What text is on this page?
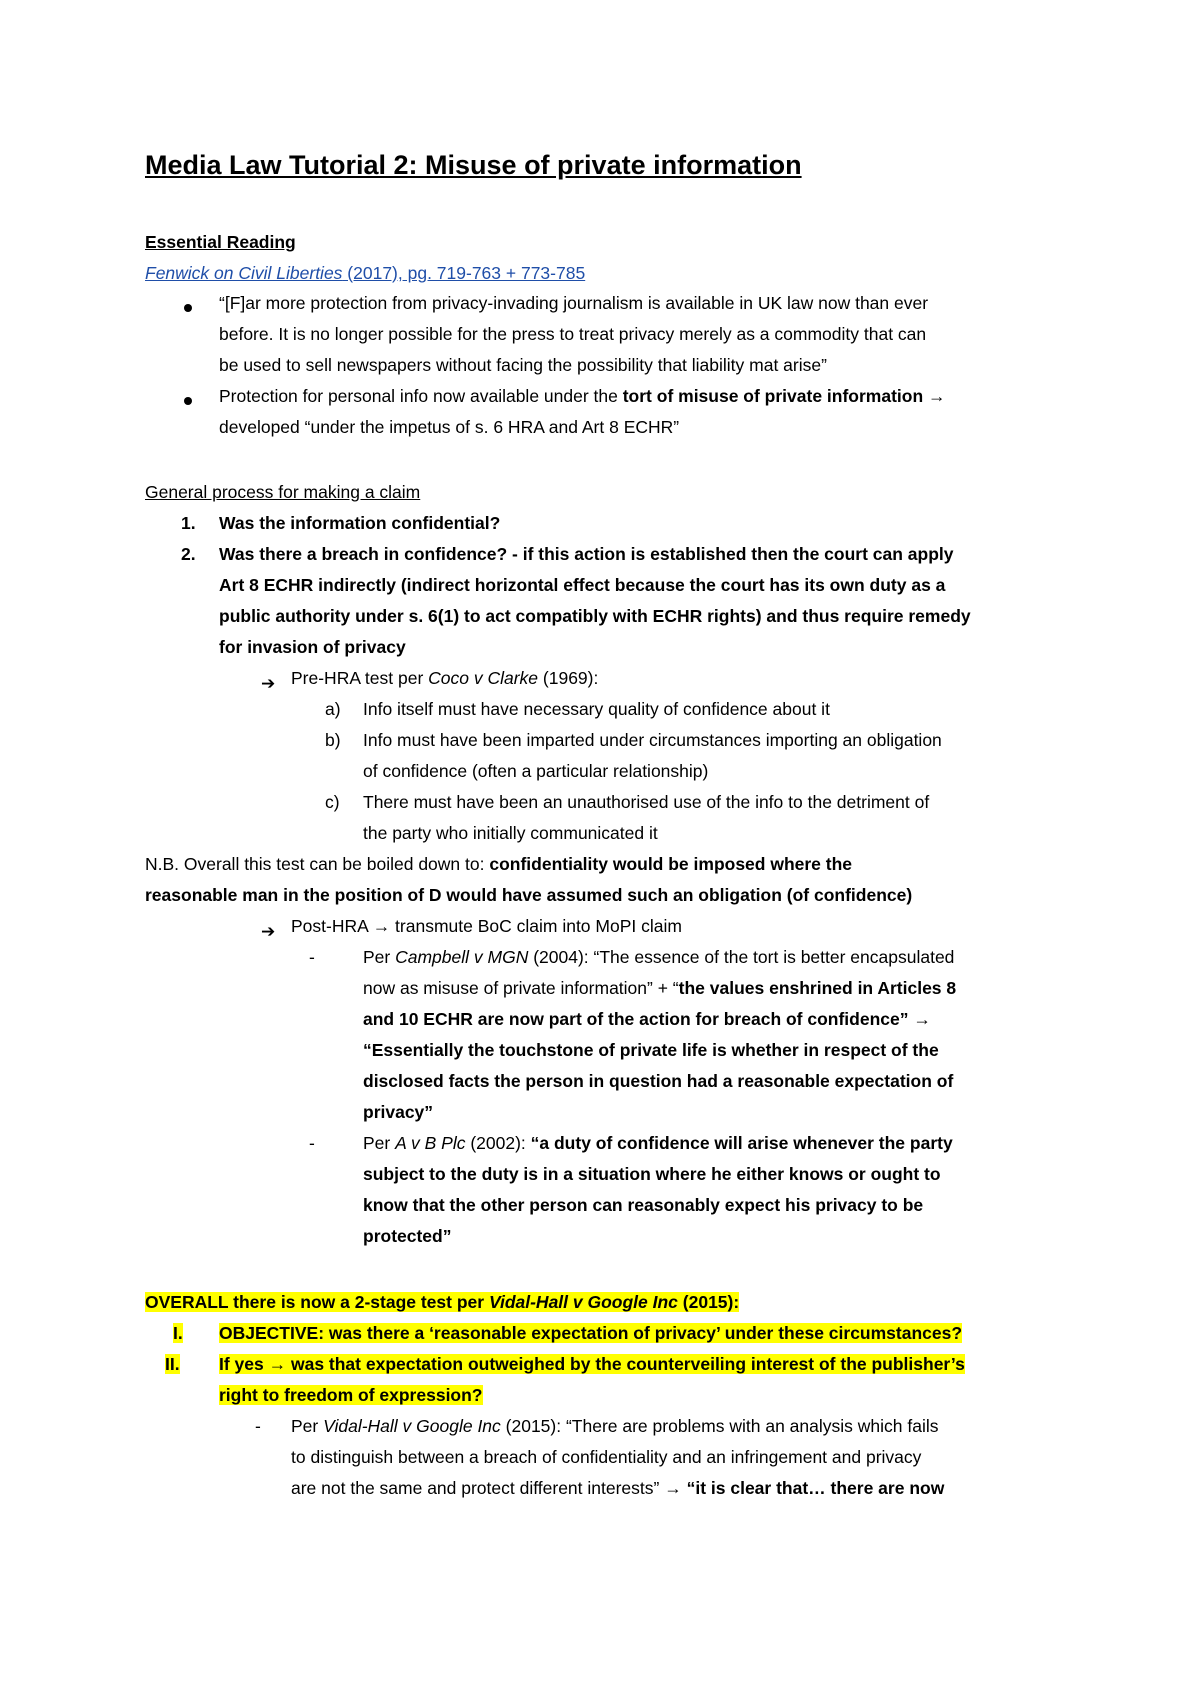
Media Law Tutorial 2: Misuse of private information
Essential Reading
Fenwick on Civil Liberties (2017), pg. 719-763 + 773-785
“[F]ar more protection from privacy-invading journalism is available in UK law now than ever
before. It is no longer possible for the press to treat privacy merely as a commodity that can
be used to sell newspapers without facing the possibility that liability mat arise”
Protection for personal info now available under the tort of misuse of private information →
developed “under the impetus of s. 6 HRA and Art 8 ECHR”
General process for making a claim
1. Was the information confidential?
2. Was there a breach in confidence? - if this action is established then the court can apply
Art 8 ECHR indirectly (indirect horizontal effect because the court has its own duty as a
public authority under s. 6(1) to act compatibly with ECHR rights) and thus require remedy
for invasion of privacy
➔ Pre-HRA test per Coco v Clarke (1969):
a) Info itself must have necessary quality of confidence about it
b) Info must have been imparted under circumstances importing an obligation
of confidence (often a particular relationship)
c) There must have been an unauthorised use of the info to the detriment of
the party who initially communicated it
N.B. Overall this test can be boiled down to: confidentiality would be imposed where the
reasonable man in the position of D would have assumed such an obligation (of confidence)
➔ Post-HRA → transmute BoC claim into MoPI claim
-	Per Campbell v MGN (2004): “The essence of the tort is better encapsulated
now as misuse of private information” + “the values enshrined in Articles 8
and 10 ECHR are now part of the action for breach of confidence” →
“Essentially the touchstone of private life is whether in respect of the
disclosed facts the person in question had a reasonable expectation of
privacy”
-	Per A v B Plc (2002): “a duty of confidence will arise whenever the party
subject to the duty is in a situation where he either knows or ought to
know that the other person can reasonably expect his privacy to be
protected”
OVERALL there is now a 2-stage test per Vidal-Hall v Google Inc (2015):
I. OBJECTIVE: was there a ‘reasonable expectation of privacy’ under these circumstances?
II. If yes → was that expectation outweighed by the counterveiling interest of the publisher’s
right to freedom of expression?
- Per Vidal-Hall v Google Inc (2015): “There are problems with an analysis which fails
to distinguish between a breach of confidentiality and an infringement and privacy
are not the same and protect different interests” → “it is clear that… there are now
